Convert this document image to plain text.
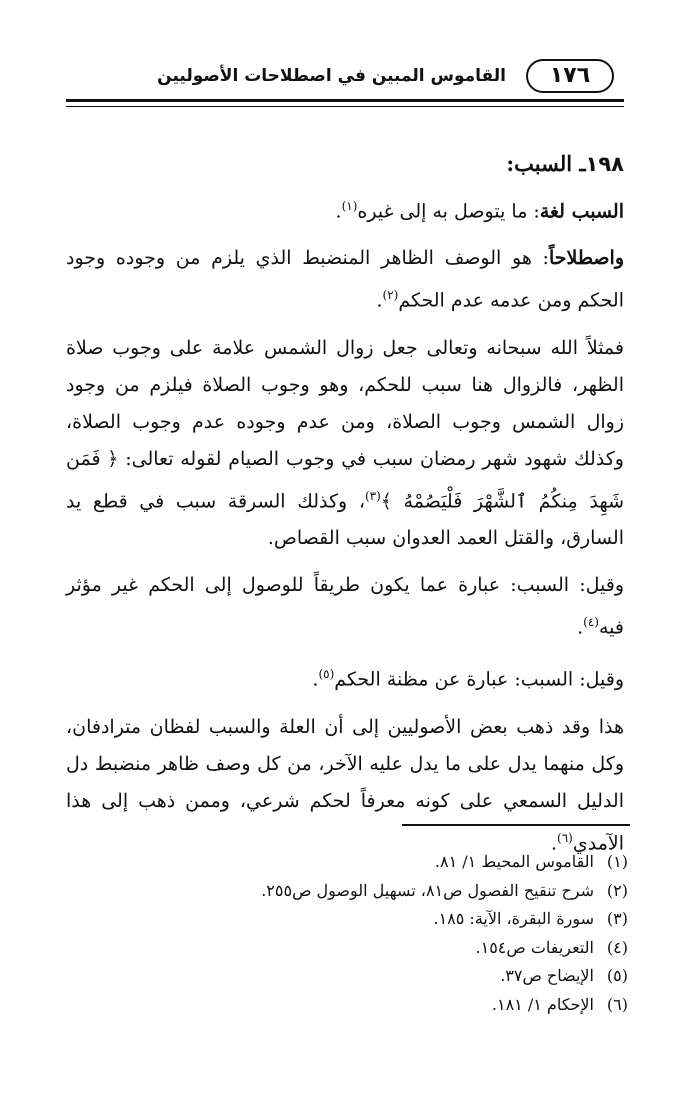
١٧٦
القاموس المبين في اصطلاحات الأصوليين
١٩٨ـ السبب:

السبب لغة: ما يتوصل به إلى غيره$^{(١)}$.

واصطلاحاً: هو الوصف الظاهر المنضبط الذي يلزم من وجوده وجود الحكم ومن عدمه عدم الحكم$^{(٢)}$.

فمثلاً الله سبحانه وتعالى جعل زوال الشمس علامة على وجوب صلاة الظهر، فالزوال هنا سبب للحكم، وهو وجوب الصلاة فيلزم من وجود زوال الشمس وجوب الصلاة، ومن عدم وجوده عدم وجوب الصلاة، وكذلك شهود شهر رمضان سبب في وجوب الصيام لقوله تعالى: ﴿ فَمَن شَهِدَ مِنكُمُ ٱلشَّهْرَ فَلْيَصُمْهُ ﴾$^{(٣)}$، وكذلك السرقة سبب في قطع يد السارق، والقتل العمد العدوان سبب القصاص.

وقيل: السبب: عبارة عما يكون طريقاً للوصول إلى الحكم غير مؤثر فيه$^{(٤)}$.

وقيل: السبب: عبارة عن مظنة الحكم$^{(٥)}$.

هذا وقد ذهب بعض الأصوليين إلى أن العلة والسبب لفظان مترادفان، وكل منهما يدل على ما يدل عليه الآخر، من كل وصف ظاهر منضبط دل الدليل السمعي على كونه معرفاً لحكم شرعي، وممن ذهب إلى هذا الآمدي$^{(٦)}$.

(١)القاموس المحيط ١/ ٨١.
(٢)شرح تنقيح الفصول ص٨١، تسهيل الوصول ص٢٥٥.
(٣)سورة البقرة، الآية: ١٨٥.
(٤)التعريفات ص١٥٤.
(٥)الإيضاح ص٣٧.
(٦)الإحكام ١/ ١٨١.
